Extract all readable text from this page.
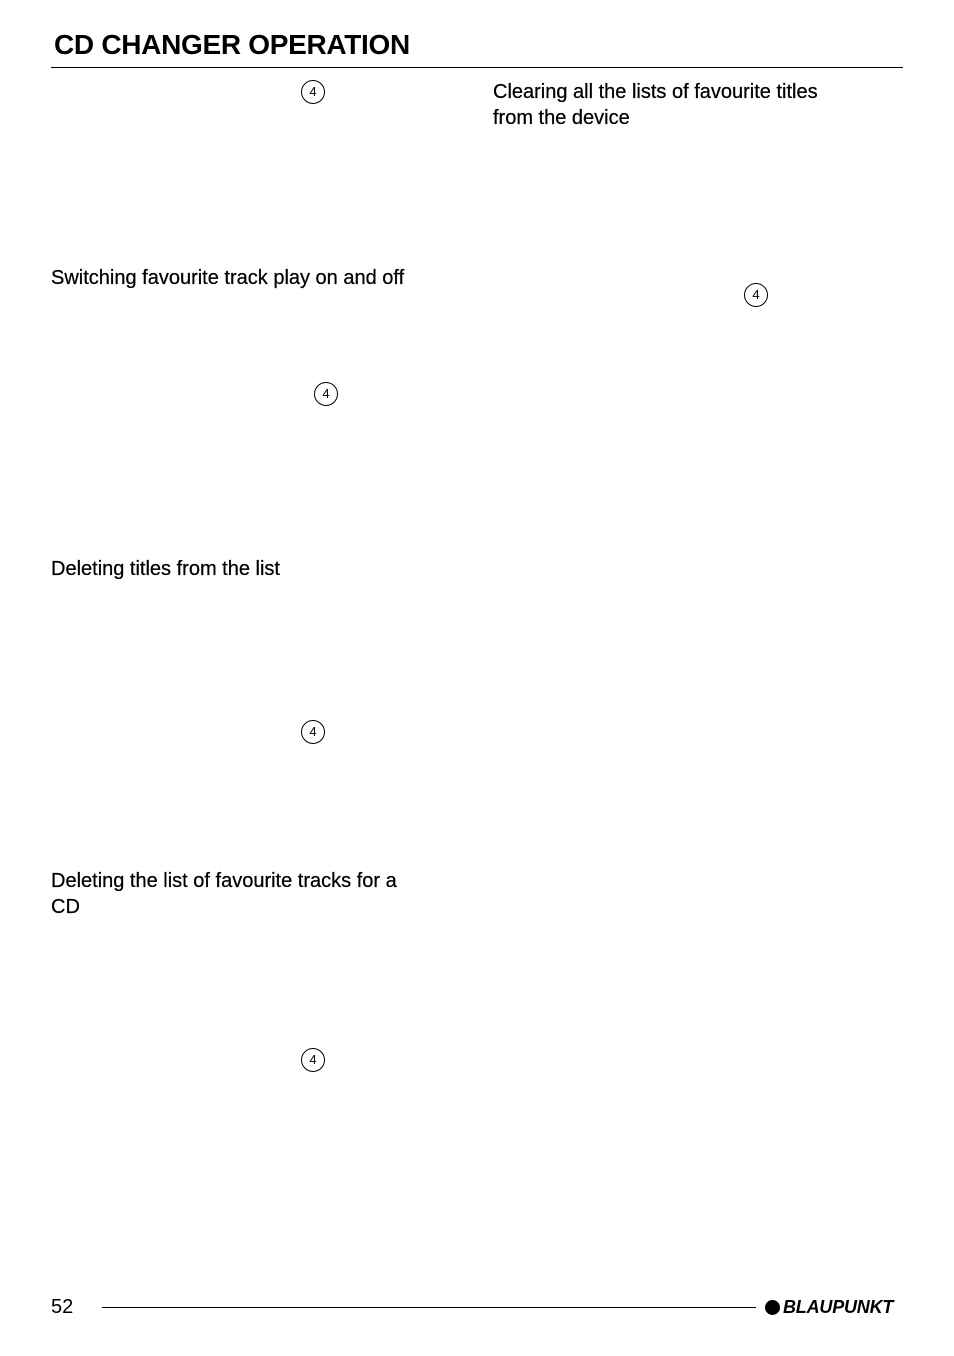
CD CHANGER OPERATION
4
Switching favourite track play on and off
4
Deleting titles from the list
4
Deleting the list of favourite tracks for a
CD
4
Clearing all the lists of favourite titles
from the device
4
52	BLAUPUNKT
